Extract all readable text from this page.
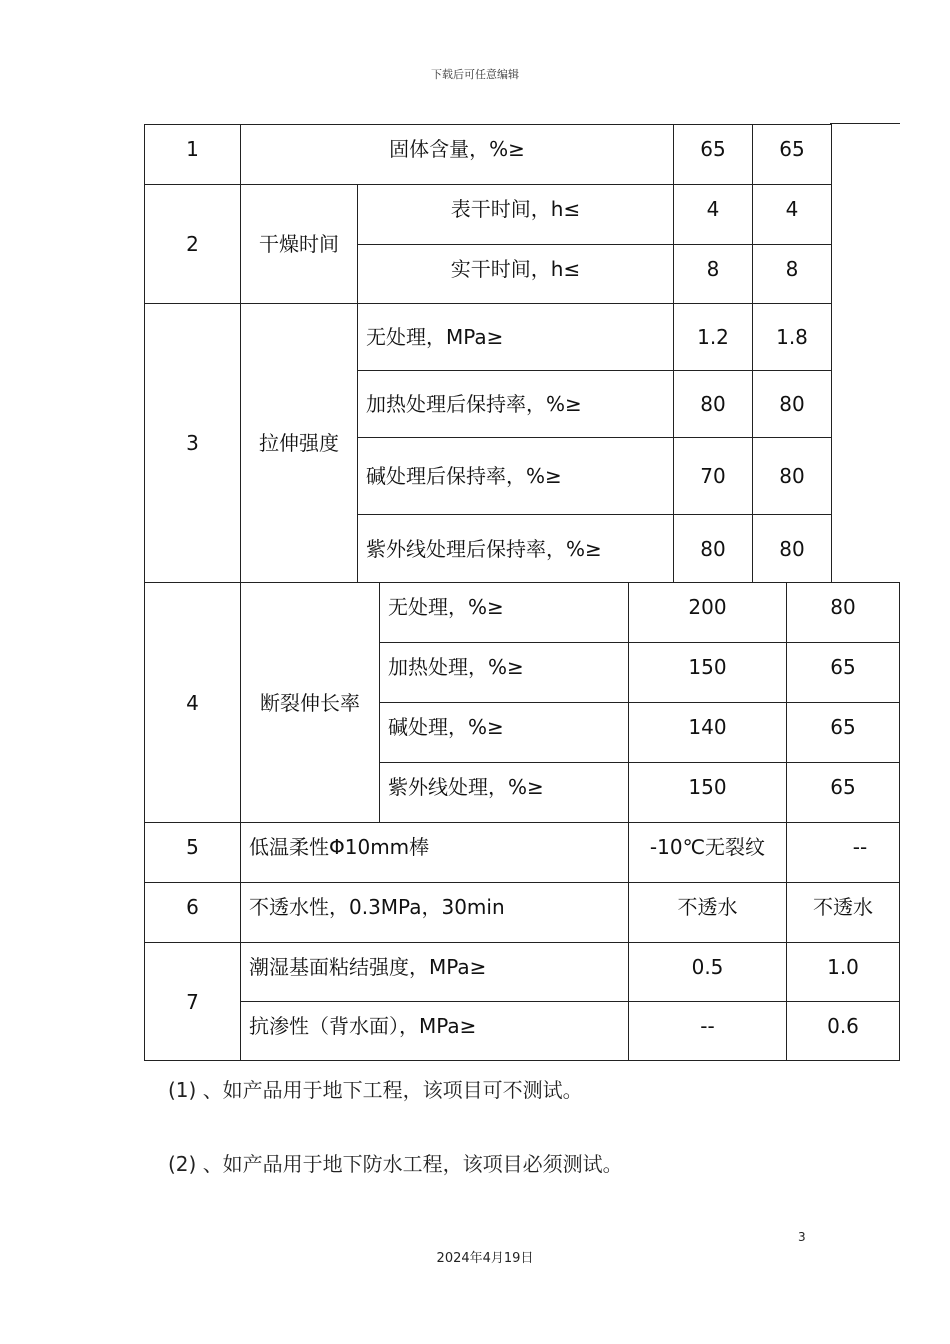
下载后可任意编辑
1	固体含量，%≥	65	65
2	干燥时间
表干时间，h≤	4	4
实干时间，h≤	8	8
3	拉伸强度
无处理，MPa≥	1.2	1.8
加热处理后保持率，%≥	80	80
碱处理后保持率，%≥	70	80
紫外线处理后保持率，%≥	80	80
4	断裂伸长率
无处理，%≥	200	80
加热处理，%≥	150	65
碱处理，%≥	140	65
紫外线处理，%≥	150	65
5	低温柔性Φ10mm棒	-10℃无裂纹	--
6	不透水性，0.3MPa，30min	不透水	不透水
7
潮湿基面粘结强度，MPa≥	0.5	1.0
抗渗性（背水面），MPa≥	--	0.6
(1) 、如产品用于地下工程，该项目可不测试。
(2) 、如产品用于地下防水工程，该项目必须测试。
3
2024年4月19日
